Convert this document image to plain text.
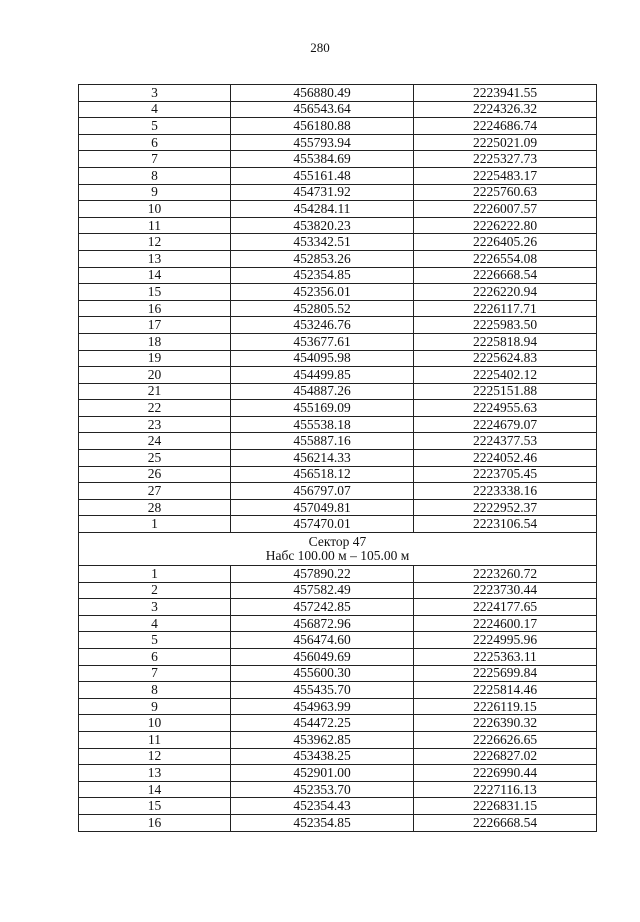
280
3	456880.49	2223941.55
4	456543.64	2224326.32
5	456180.88	2224686.74
6	455793.94	2225021.09
7	455384.69	2225327.73
8	455161.48	2225483.17
9	454731.92	2225760.63
10	454284.11	2226007.57
11	453820.23	2226222.80
12	453342.51	2226405.26
13	452853.26	2226554.08
14	452354.85	2226668.54
15	452356.01	2226220.94
16	452805.52	2226117.71
17	453246.76	2225983.50
18	453677.61	2225818.94
19	454095.98	2225624.83
20	454499.85	2225402.12
21	454887.26	2225151.88
22	455169.09	2224955.63
23	455538.18	2224679.07
24	455887.16	2224377.53
25	456214.33	2224052.46
26	456518.12	2223705.45
27	456797.07	2223338.16
28	457049.81	2222952.37
1	457470.01	2223106.54

Сектор 47
Набс 100.00 м – 105.00 м		

1	457890.22	2223260.72
2	457582.49	2223730.44
3	457242.85	2224177.65
4	456872.96	2224600.17
5	456474.60	2224995.96
6	456049.69	2225363.11
7	455600.30	2225699.84
8	455435.70	2225814.46
9	454963.99	2226119.15
10	454472.25	2226390.32
11	453962.85	2226626.65
12	453438.25	2226827.02
13	452901.00	2226990.44
14	452353.70	2227116.13
15	452354.43	2226831.15
16	452354.85	2226668.54
